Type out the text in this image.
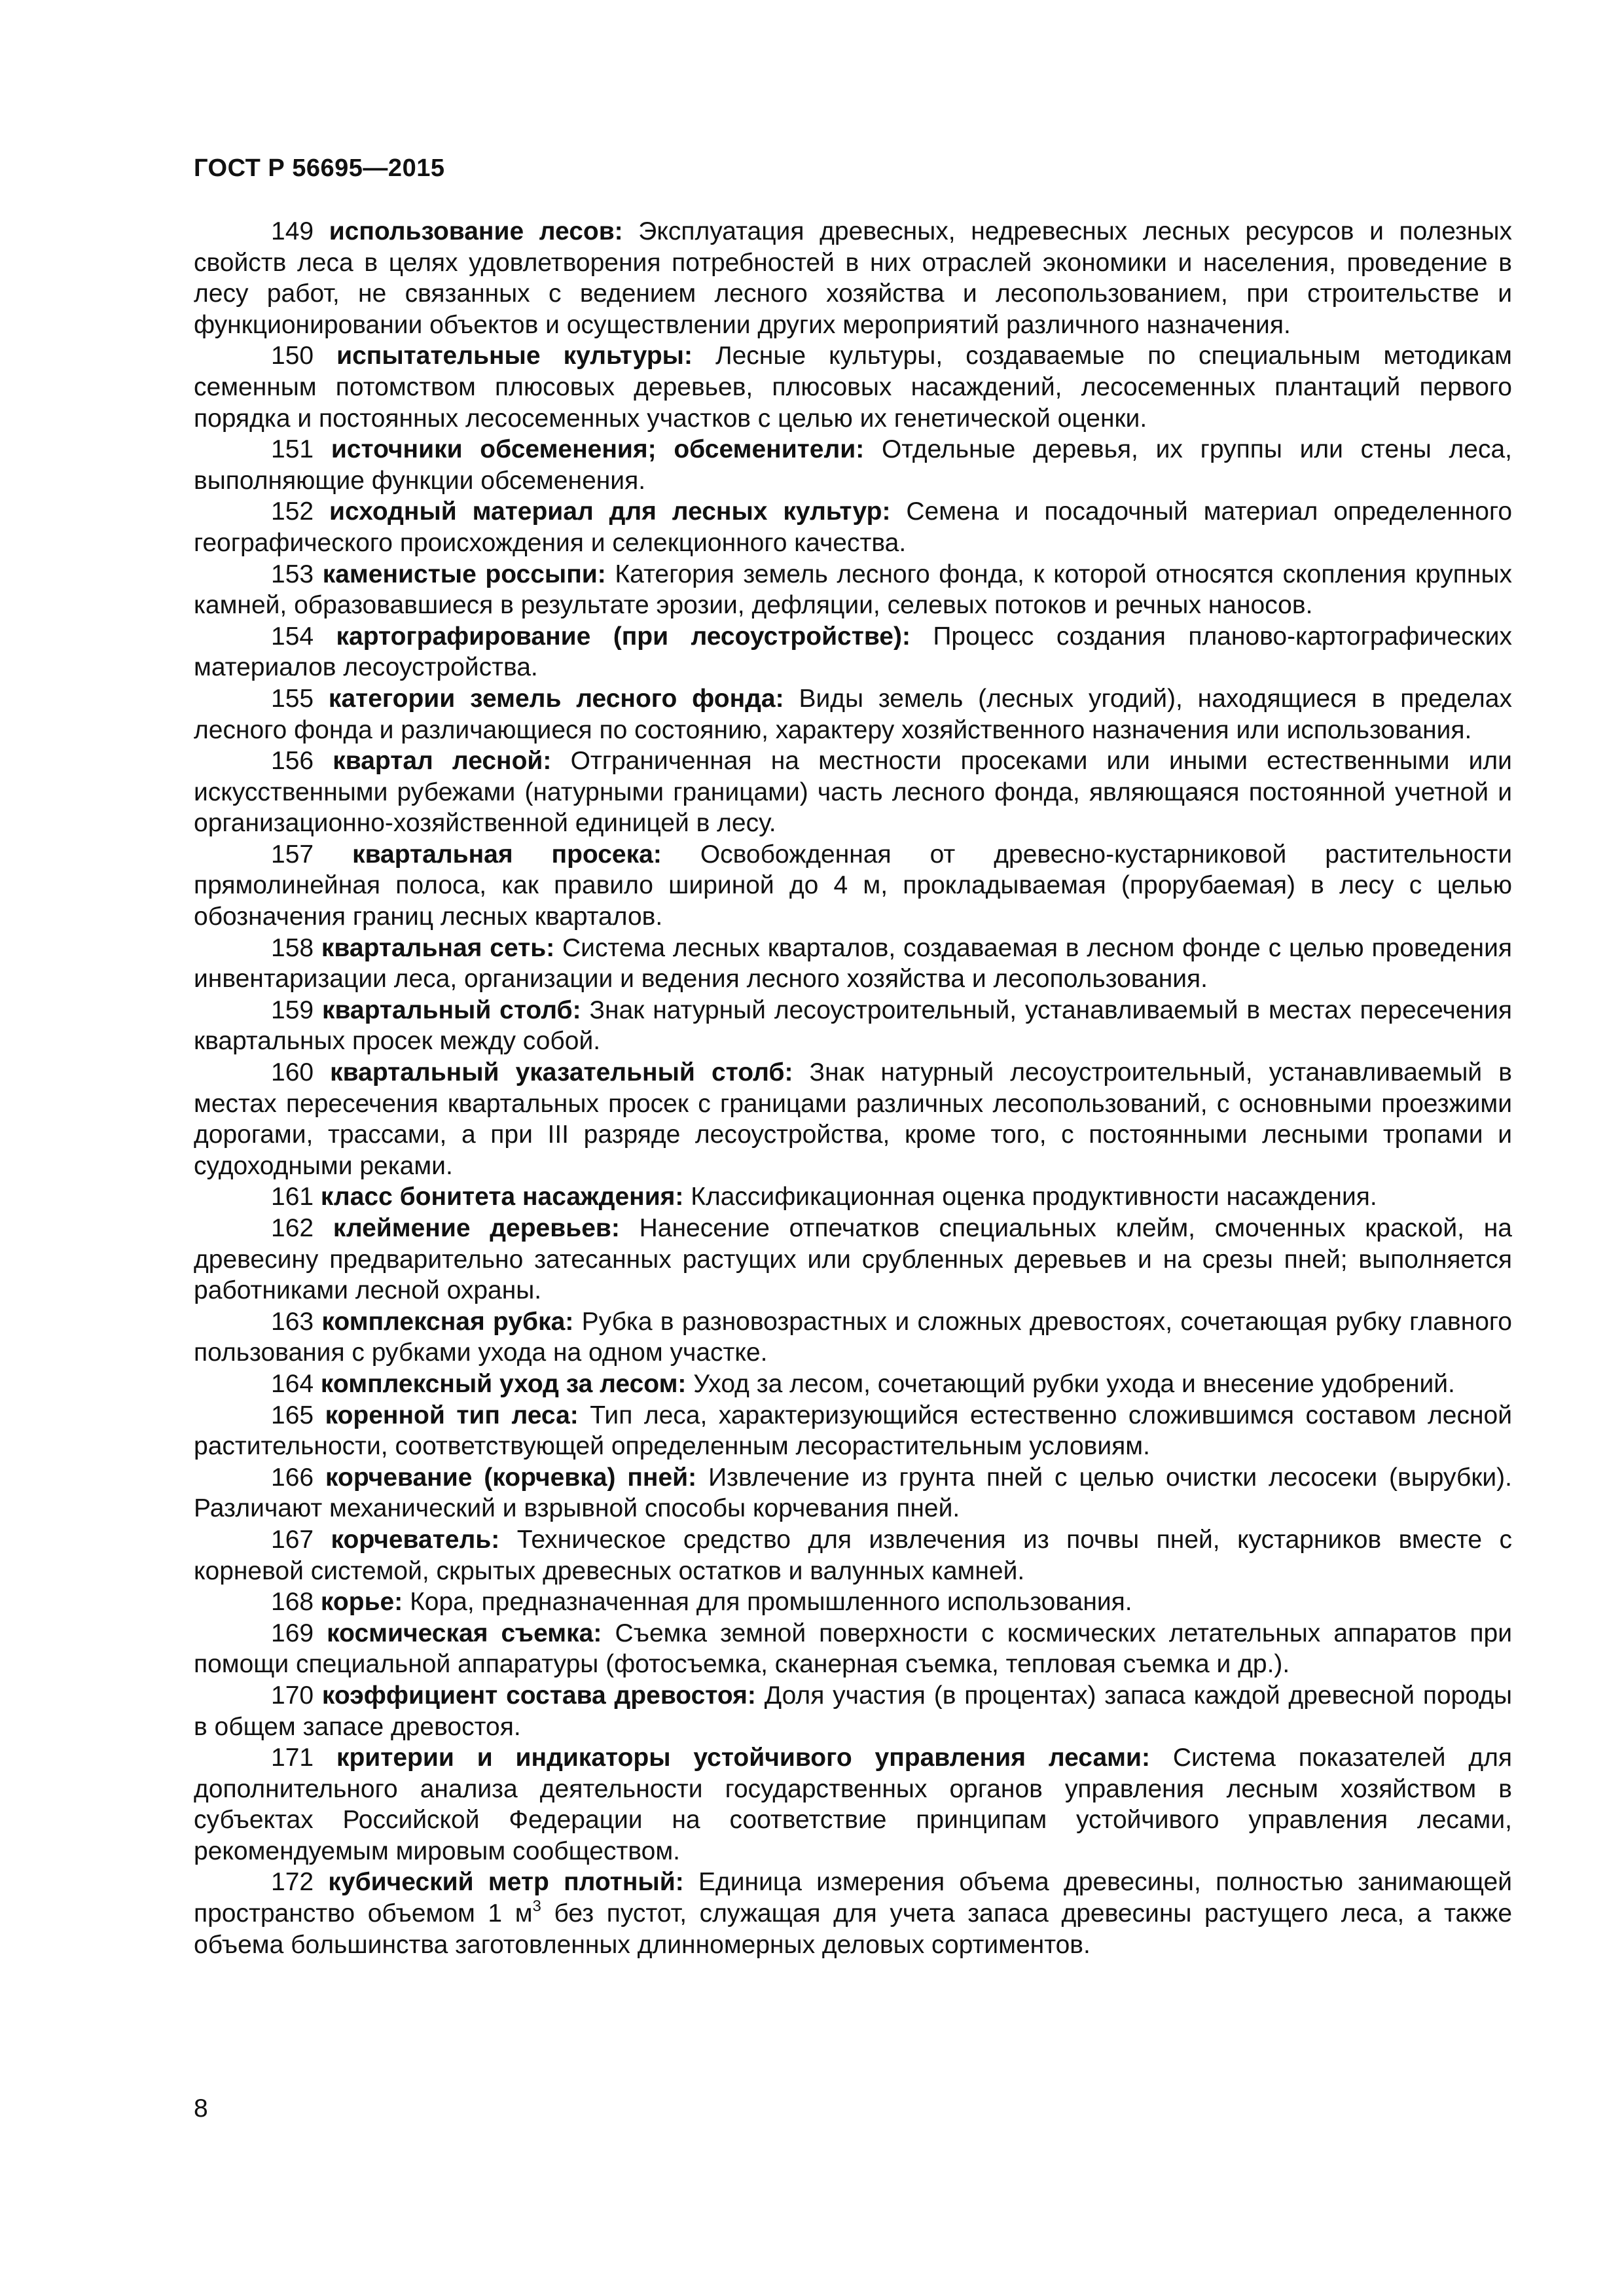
ГОСТ Р 56695—2015

149 использование лесов: Эксплуатация древесных, недревесных лесных ресурсов и полезных свойств леса в целях удовлетворения потребностей в них отраслей экономики и населения, проведение в лесу работ, не связанных с ведением лесного хозяйства и лесопользованием, при строительстве и функционировании объектов и осуществлении других мероприятий различного назначения.

150 испытательные культуры: Лесные культуры, создаваемые по специальным методикам семенным потомством плюсовых деревьев, плюсовых насаждений, лесосеменных плантаций первого порядка и постоянных лесосеменных участков с целью их генетической оценки.

151 источники обсеменения; обсеменители: Отдельные деревья, их группы или стены леса, выполняющие функции обсеменения.

152 исходный материал для лесных культур: Семена и посадочный материал определенного географического происхождения и селекционного качества.

153 каменистые россыпи: Категория земель лесного фонда, к которой относятся скопления крупных камней, образовавшиеся в результате эрозии, дефляции, селевых потоков и речных наносов.

154 картографирование (при лесоустройстве): Процесс создания планово-картографических материалов лесоустройства.

155 категории земель лесного фонда: Виды земель (лесных угодий), находящиеся в пределах лесного фонда и различающиеся по состоянию, характеру хозяйственного назначения или использования.

156 квартал лесной: Отграниченная на местности просеками или иными естественными или искусственными рубежами (натурными границами) часть лесного фонда, являющаяся постоянной учетной и организационно-хозяйственной единицей в лесу.

157 квартальная просека: Освобожденная от древесно-кустарниковой растительности прямолинейная полоса, как правило шириной до 4 м, прокладываемая (прорубаемая) в лесу с целью обозначения границ лесных кварталов.

158 квартальная сеть: Система лесных кварталов, создаваемая в лесном фонде с целью проведения инвентаризации леса, организации и ведения лесного хозяйства и лесопользования.

159 квартальный столб: Знак натурный лесоустроительный, устанавливаемый в местах пересечения квартальных просек между собой.

160 квартальный указательный столб: Знак натурный лесоустроительный, устанавливаемый в местах пересечения квартальных просек с границами различных лесопользований, с основными проезжими дорогами, трассами, а при III разряде лесоустройства, кроме того, с постоянными лесными тропами и судоходными реками.

161 класс бонитета насаждения: Классификационная оценка продуктивности насаждения.

162 клеймение деревьев: Нанесение отпечатков специальных клейм, смоченных краской, на древесину предварительно затесанных растущих или срубленных деревьев и на срезы пней; выполняется работниками лесной охраны.

163 комплексная рубка: Рубка в разновозрастных и сложных древостоях, сочетающая рубку главного пользования с рубками ухода на одном участке.

164 комплексный уход за лесом: Уход за лесом, сочетающий рубки ухода и внесение удобрений.

165 коренной тип леса: Тип леса, характеризующийся естественно сложившимся составом лесной растительности, соответствующей определенным лесорастительным условиям.

166 корчевание (корчевка) пней: Извлечение из грунта пней с целью очистки лесосеки (вырубки). Различают механический и взрывной способы корчевания пней.

167 корчеватель: Техническое средство для извлечения из почвы пней, кустарников вместе с корневой системой, скрытых древесных остатков и валунных камней.

168 корье: Кора, предназначенная для промышленного использования.

169 космическая съемка: Съемка земной поверхности с космических летательных аппаратов при помощи специальной аппаратуры (фотосъемка, сканерная съемка, тепловая съемка и др.).

170 коэффициент состава древостоя: Доля участия (в процентах) запаса каждой древесной породы в общем запасе древостоя.

171 критерии и индикаторы устойчивого управления лесами: Система показателей для дополнительного анализа деятельности государственных органов управления лесным хозяйством в субъектах Российской Федерации на соответствие принципам устойчивого управления лесами, рекомендуемым мировым сообществом.

172 кубический метр плотный: Единица измерения объема древесины, полностью занимающей пространство объемом 1 $м^3$ без пустот, служащая для учета запаса древесины растущего леса, а также объема большинства заготовленных длинномерных деловых сортиментов.

8
